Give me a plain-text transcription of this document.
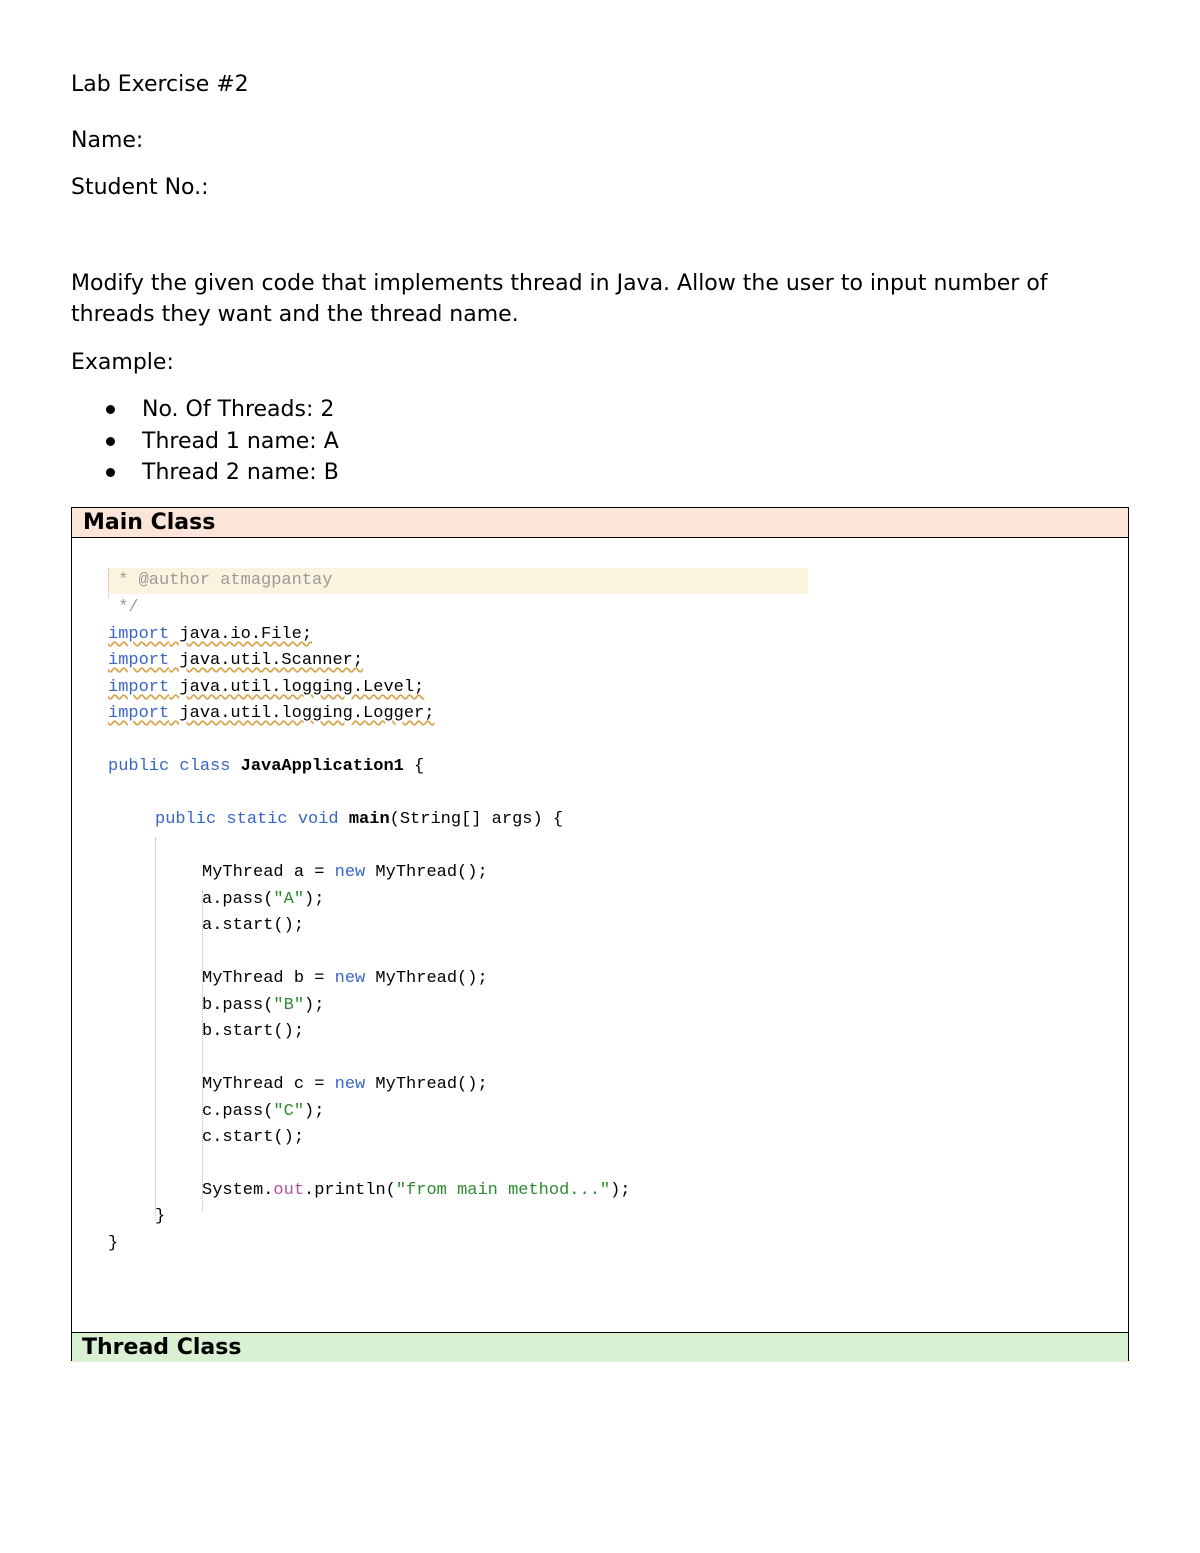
Lab Exercise #2
Name:
Student No.:
Modify the given code that implements thread in Java. Allow the user to input number of threads they want and the thread name.
Example:
No. Of Threads: 2
Thread 1 name: A
Thread 2 name: B
Main Class
* @author atmagpantay
*/
import java.io.File;
import java.util.Scanner;
import java.util.logging.Level;
import java.util.logging.Logger;
public class JavaApplication1 {
public static void main(String[] args) {
MyThread a = new MyThread();
a.pass("A");
a.start();
MyThread b = new MyThread();
b.pass("B");
b.start();
MyThread c = new MyThread();
c.pass("C");
c.start();
System.out.println("from main method...");
}
}
Thread Class
